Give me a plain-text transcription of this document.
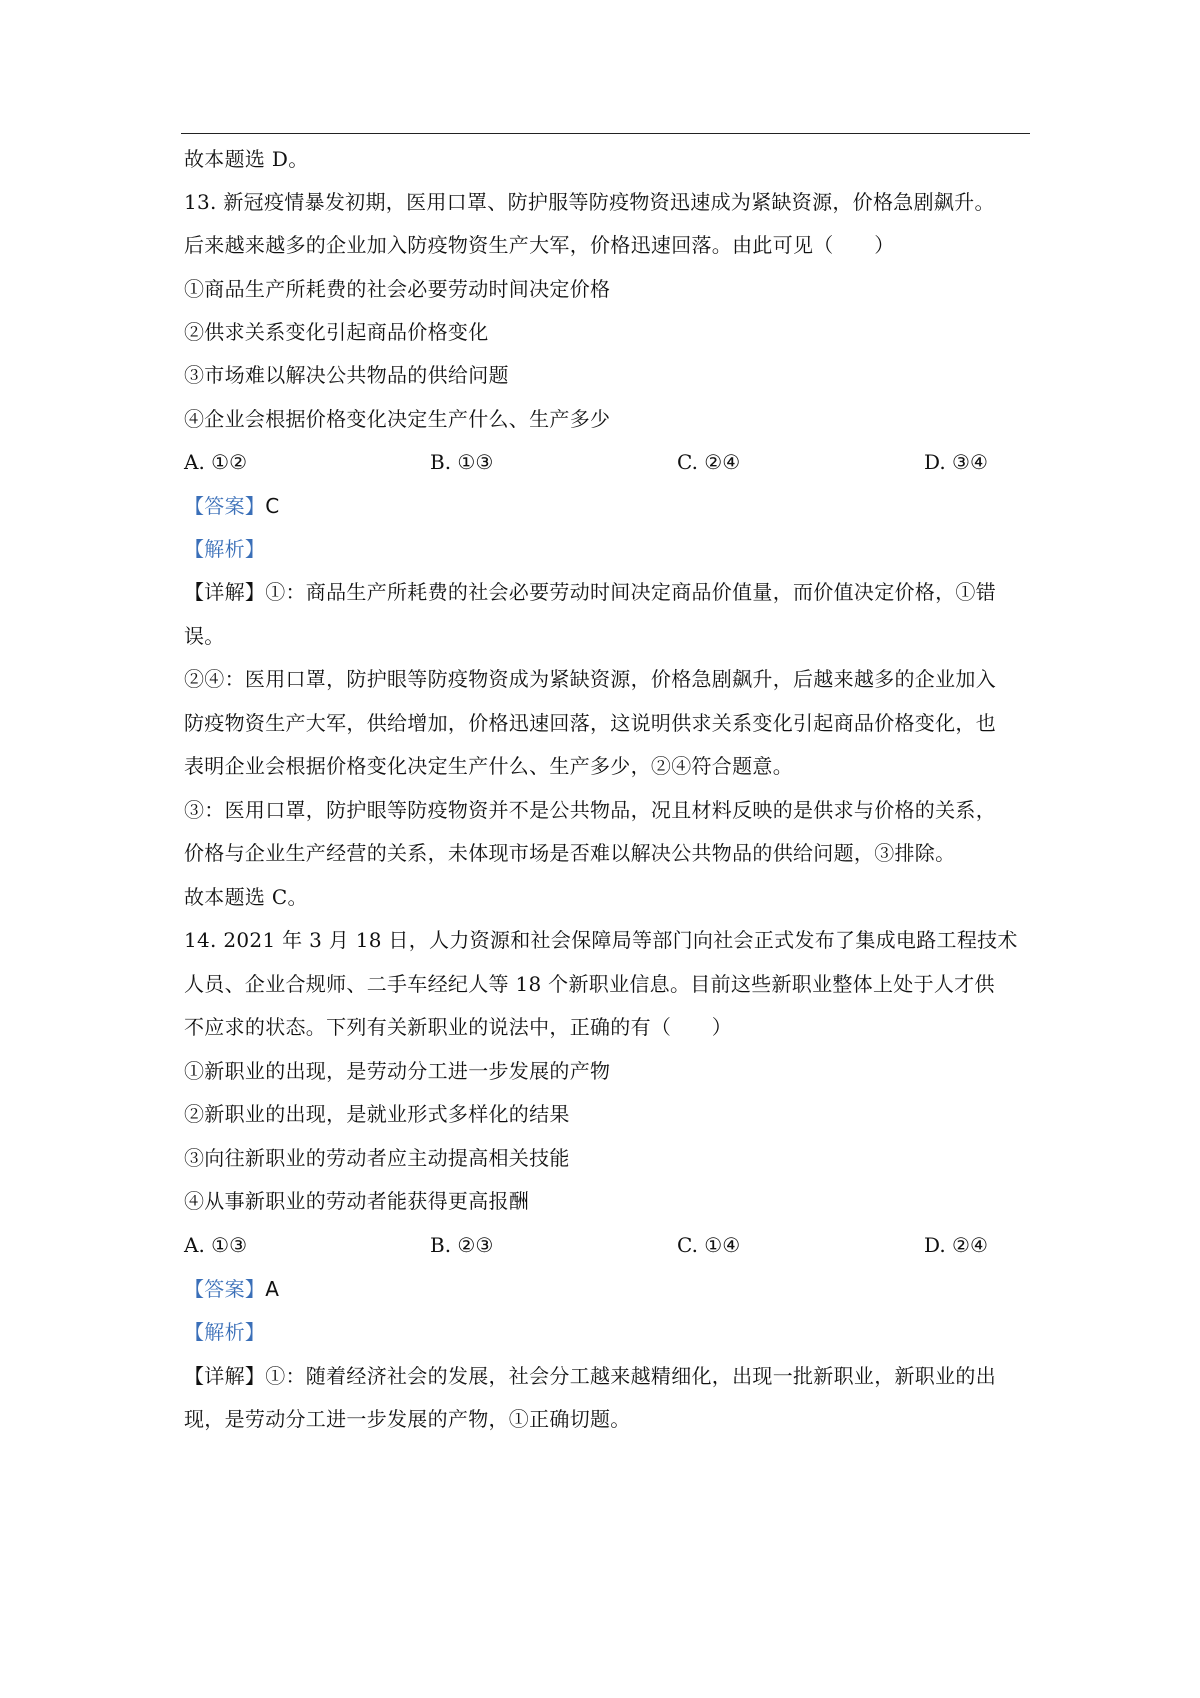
故本题选 D。
13. 新冠疫情暴发初期，医用口罩、防护服等防疫物资迅速成为紧缺资源，价格急剧飙升。
后来越来越多的企业加入防疫物资生产大军，价格迅速回落。由此可见（　　）
①商品生产所耗费的社会必要劳动时间决定价格
②供求关系变化引起商品价格变化
③市场难以解决公共物品的供给问题
④企业会根据价格变化决定生产什么、生产多少
A. ①②	B. ①③	C. ②④	D. ③④
【答案】C
【解析】
【详解】①：商品生产所耗费的社会必要劳动时间决定商品价值量，而价值决定价格，①错
误。
②④：医用口罩，防护眼等防疫物资成为紧缺资源，价格急剧飙升，后越来越多的企业加入
防疫物资生产大军，供给增加，价格迅速回落，这说明供求关系变化引起商品价格变化，也
表明企业会根据价格变化决定生产什么、生产多少，②④符合题意。
③：医用口罩，防护眼等防疫物资并不是公共物品，况且材料反映的是供求与价格的关系，
价格与企业生产经营的关系，未体现市场是否难以解决公共物品的供给问题，③排除。
故本题选 C。
14. 2021 年 3 月 18 日，人力资源和社会保障局等部门向社会正式发布了集成电路工程技术
人员、企业合规师、二手车经纪人等 18 个新职业信息。目前这些新职业整体上处于人才供
不应求的状态。下列有关新职业的说法中，正确的有（　　）
①新职业的出现，是劳动分工进一步发展的产物
②新职业的出现，是就业形式多样化的结果
③向往新职业的劳动者应主动提高相关技能
④从事新职业的劳动者能获得更高报酬
A. ①③	B. ②③	C. ①④	D. ②④
【答案】A
【解析】
【详解】①：随着经济社会的发展，社会分工越来越精细化，出现一批新职业，新职业的出
现，是劳动分工进一步发展的产物，①正确切题。
